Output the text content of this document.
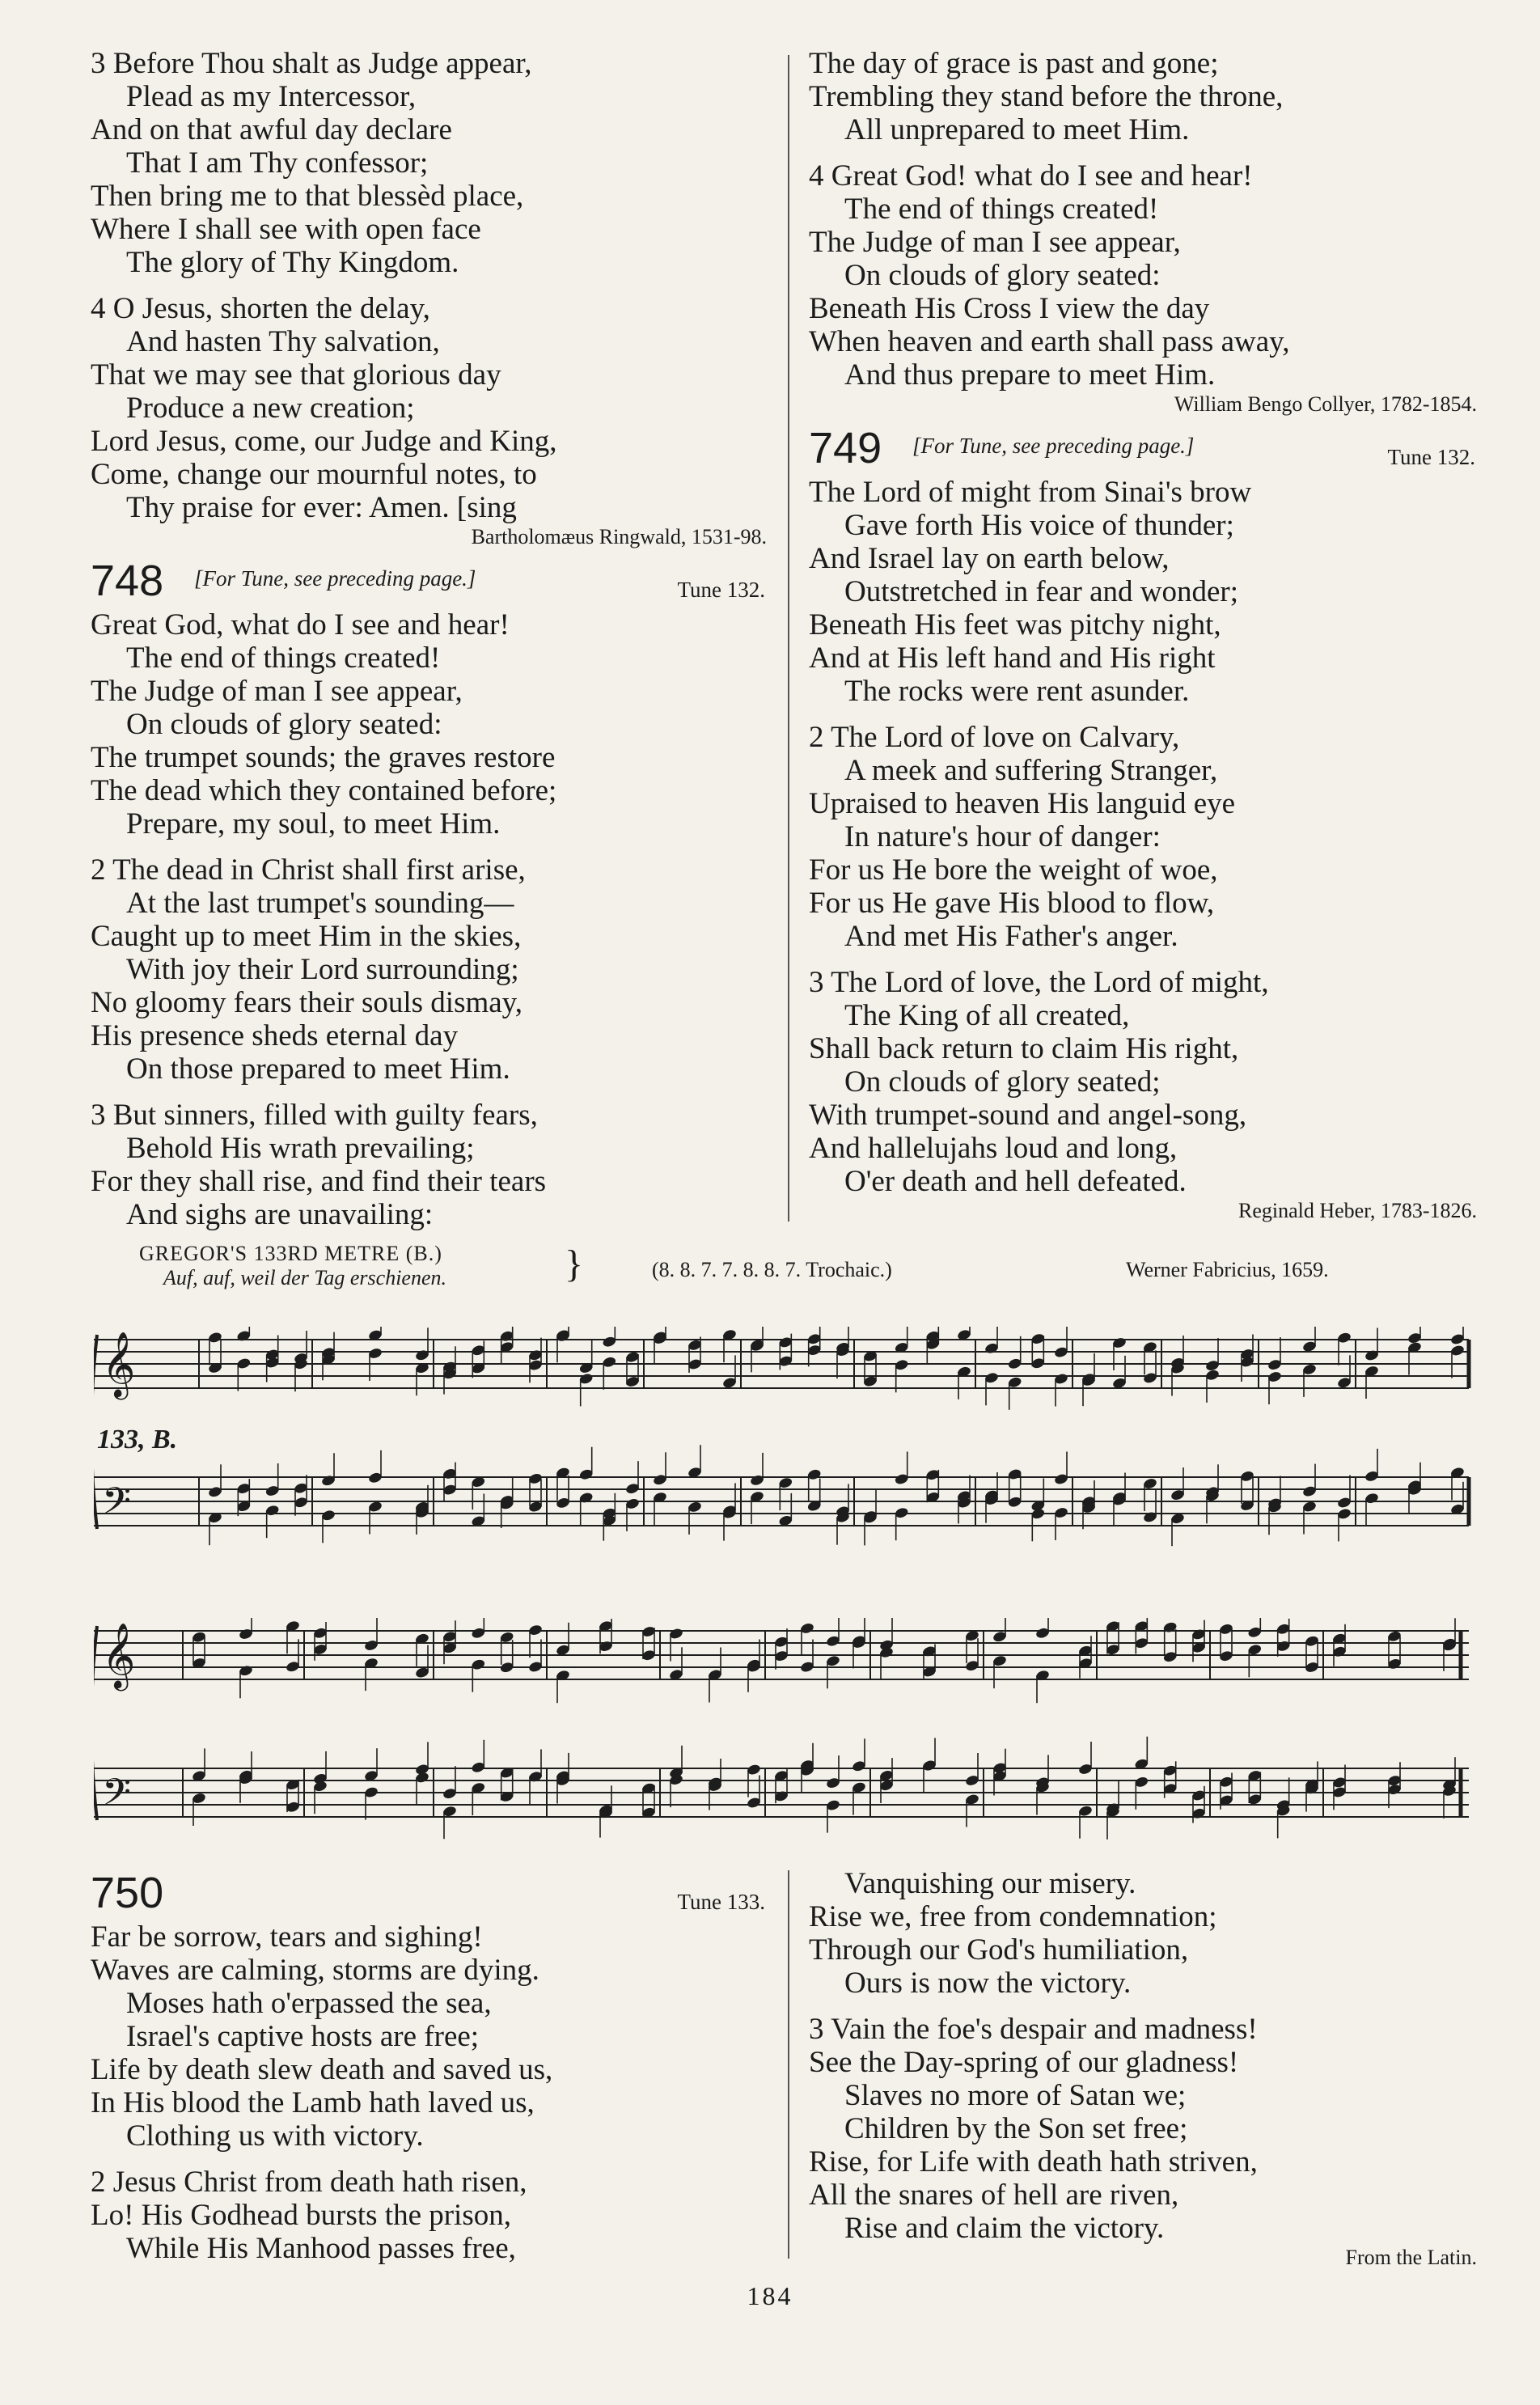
3 Before Thou shalt as Judge appear,
Plead as my Intercessor,
And on that awful day declare
That I am Thy confessor;
Then bring me to that blessèd place,
Where I shall see with open face
The glory of Thy Kingdom.
4 O Jesus, shorten the delay,
And hasten Thy salvation,
That we may see that glorious day
Produce a new creation;
Lord Jesus, come, our Judge and King,
Come, change our mournful notes, to
Thy praise for ever: Amen. [sing
Bartholomæus Ringwald, 1531-98.
748 [For Tune, see preceding page.]	Tune 132.
Great God, what do I see and hear!
The end of things created!
The Judge of man I see appear,
On clouds of glory seated:
The trumpet sounds; the graves restore
The dead which they contained before;
Prepare, my soul, to meet Him.
2 The dead in Christ shall first arise,
At the last trumpet's sounding—
Caught up to meet Him in the skies,
With joy their Lord surrounding;
No gloomy fears their souls dismay,
His presence sheds eternal day
On those prepared to meet Him.
3 But sinners, filled with guilty fears,
Behold His wrath prevailing;
For they shall rise, and find their tears
And sighs are unavailing:
The day of grace is past and gone;
Trembling they stand before the throne,
All unprepared to meet Him.
4 Great God! what do I see and hear!
The end of things created!
The Judge of man I see appear,
On clouds of glory seated:
Beneath His Cross I view the day
When heaven and earth shall pass away,
And thus prepare to meet Him.
William Bengo Collyer, 1782-1854.
749 [For Tune, see preceding page.]	Tune 132.
The Lord of might from Sinai's brow
Gave forth His voice of thunder;
And Israel lay on earth below,
Outstretched in fear and wonder;
Beneath His feet was pitchy night,
And at His left hand and His right
The rocks were rent asunder.
2 The Lord of love on Calvary,
A meek and suffering Stranger,
Upraised to heaven His languid eye
In nature's hour of danger:
For us He bore the weight of woe,
For us He gave His blood to flow,
And met His Father's anger.
3 The Lord of love, the Lord of might,
The King of all created,
Shall back return to claim His right,
On clouds of glory seated;
With trumpet-sound and angel-song,
And hallelujahs loud and long,
O'er death and hell defeated.
Reginald Heber, 1783-1826.
GREGOR'S 133RD METRE (B.)
Auf, auf, weil der Tag erschienen.	}	(8. 8. 7. 7. 8. 8. 7. Trochaic.)	Werner Fabricius, 1659.
𝄞
𝄢
133, B.
𝄞
𝄢
750	Tune 133.
Far be sorrow, tears and sighing!
Waves are calming, storms are dying.
Moses hath o'erpassed the sea,
Israel's captive hosts are free;
Life by death slew death and saved us,
In His blood the Lamb hath laved us,
Clothing us with victory.
2 Jesus Christ from death hath risen,
Lo! His Godhead bursts the prison,
While His Manhood passes free,
Vanquishing our misery.
Rise we, free from condemnation;
Through our God's humiliation,
Ours is now the victory.
3 Vain the foe's despair and madness!
See the Day-spring of our gladness!
Slaves no more of Satan we;
Children by the Son set free;
Rise, for Life with death hath striven,
All the snares of hell are riven,
Rise and claim the victory.
From the Latin.
184
